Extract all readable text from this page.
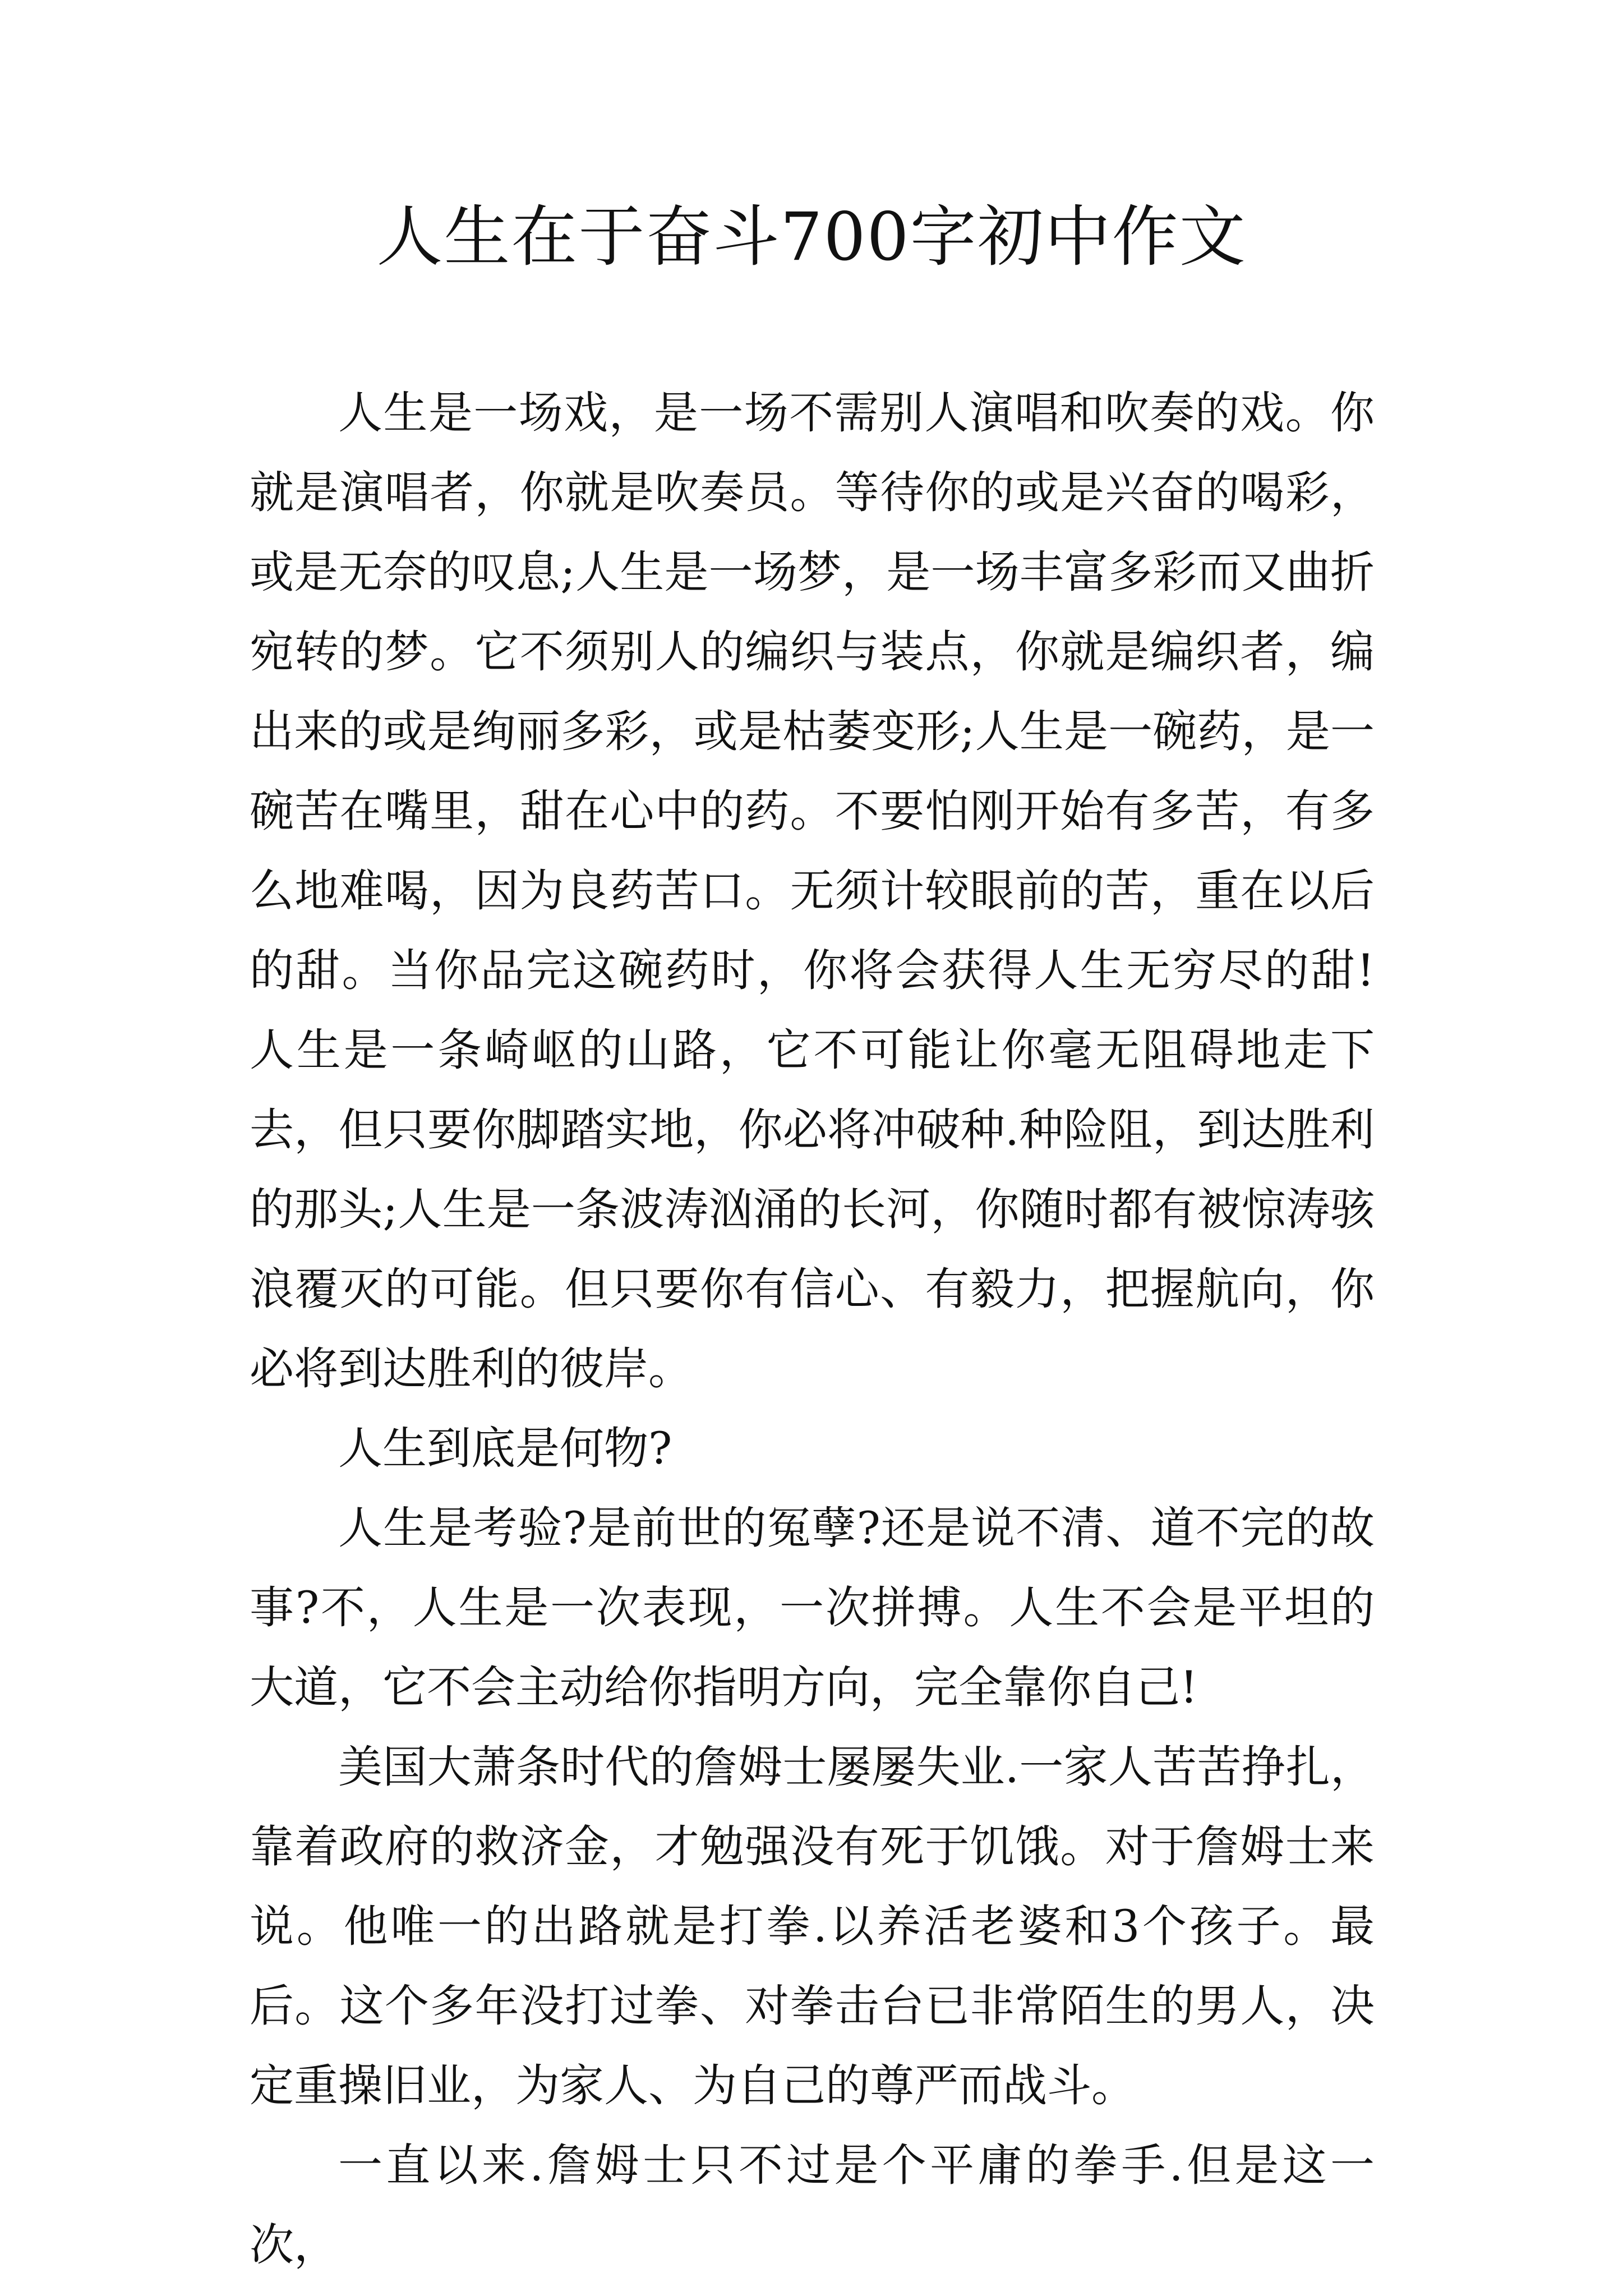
人生在于奋斗700字初中作文

人生是一场戏，是一场不需别人演唱和吹奏的戏。你就是演唱者，你就是吹奏员。等待你的或是兴奋的喝彩，或是无奈的叹息;人生是一场梦，是一场丰富多彩而又曲折宛转的梦。它不须别人的编织与装点，你就是编织者，编出来的或是绚丽多彩，或是枯萎变形;人生是一碗药，是一碗苦在嘴里，甜在心中的药。不要怕刚开始有多苦，有多么地难喝，因为良药苦口。无须计较眼前的苦，重在以后的甜。当你品完这碗药时，你将会获得人生无穷尽的甜!人生是一条崎岖的山路，它不可能让你毫无阻碍地走下去，但只要你脚踏实地，你必将冲破种.种险阻，到达胜利的那头;人生是一条波涛汹涌的长河，你随时都有被惊涛骇浪覆灭的可能。但只要你有信心、有毅力，把握航向，你必将到达胜利的彼岸。

人生到底是何物?

人生是考验?是前世的冤孽?还是说不清、道不完的故事?不，人生是一次表现，一次拼搏。人生不会是平坦的大道，它不会主动给你指明方向，完全靠你自己!

美国大萧条时代的詹姆士屡屡失业.一家人苦苦挣扎，靠着政府的救济金，才勉强没有死于饥饿。对于詹姆士来说。他唯一的出路就是打拳.以养活老婆和3个孩子。最后。这个多年没打过拳、对拳击台已非常陌生的男人，决定重操旧业，为家人、为自己的尊严而战斗。

一直以来.詹姆士只不过是个平庸的拳手.但是这一次，
